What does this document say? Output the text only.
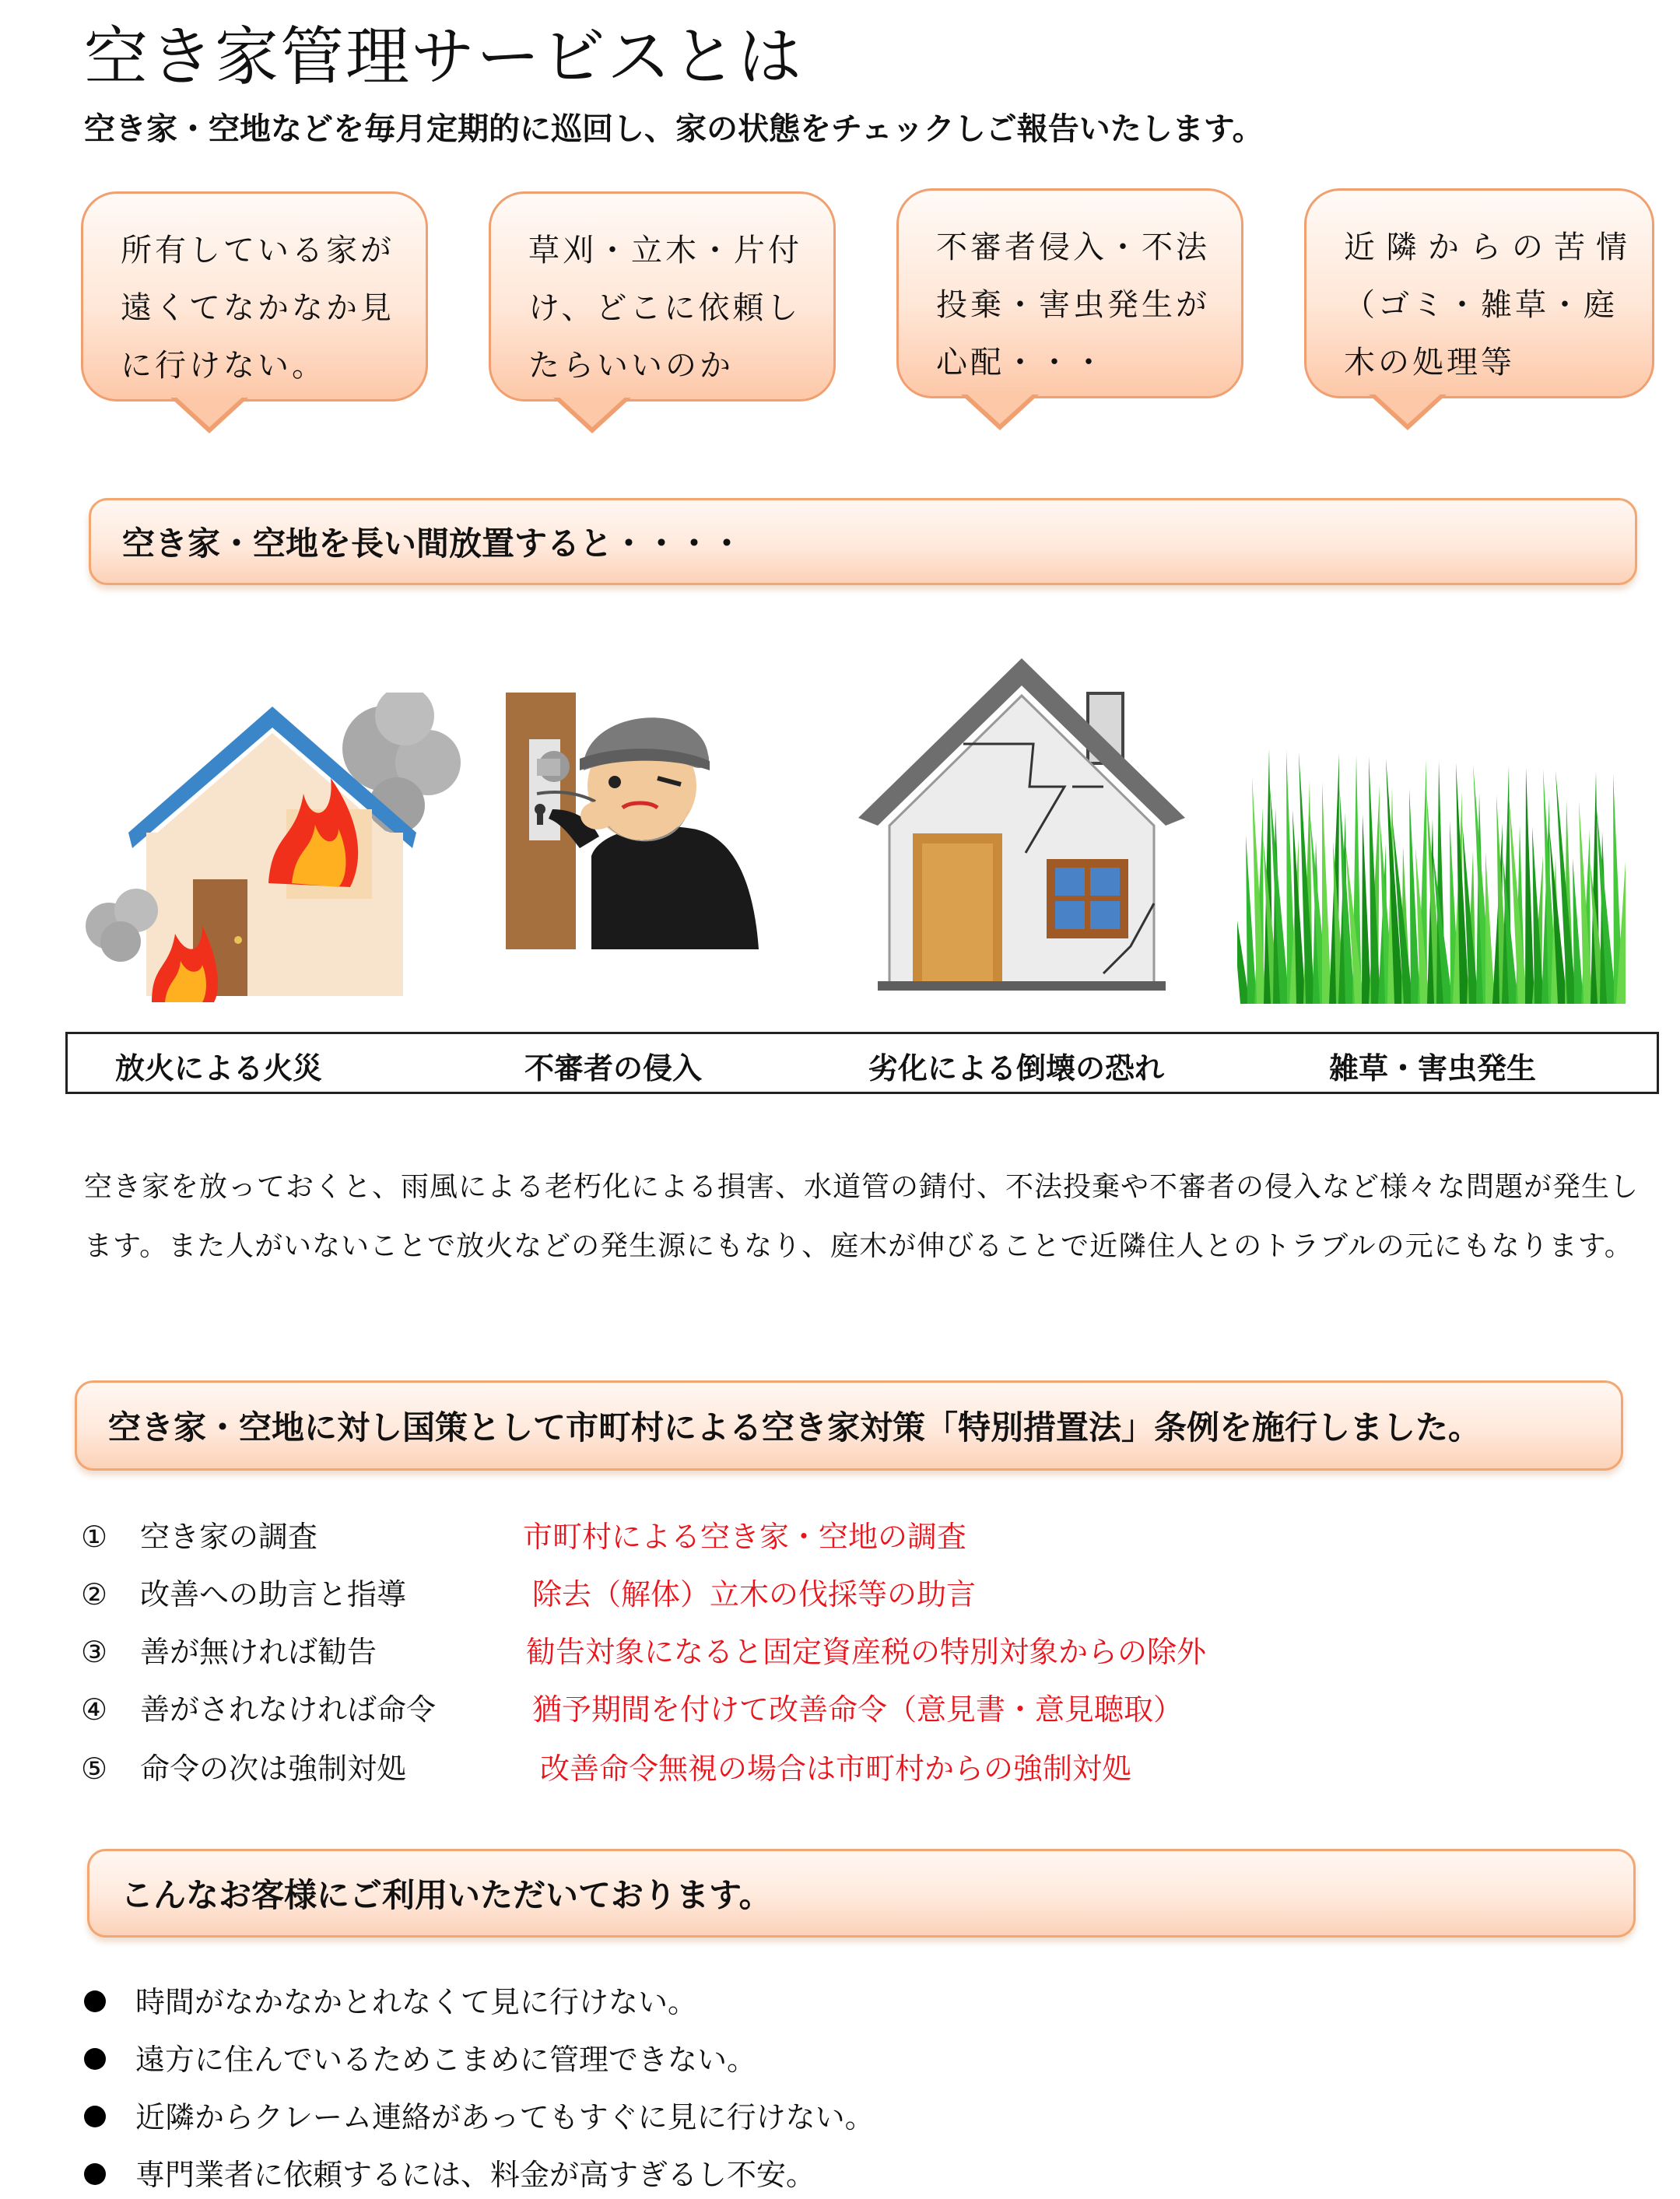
空き家管理サービスとは
空き家・空地などを毎月定期的に巡回し、家の状態をチェックしご報告いたします。
所有している家が
遠くてなかなか見
に行けない。
草刈・立木・片付
け、どこに依頼し
たらいいのか
不審者侵入・不法
投棄・害虫発生が
心配・・・
近隣からの苦情
（ゴミ・雑草・庭
木の処理等
空き家・空地を長い間放置すると・・・・
放火による火災	不審者の侵入	劣化による倒壊の恐れ	雑草・害虫発生
空き家を放っておくと、雨風による老朽化による損害、水道管の錆付、不法投棄や不審者の侵入など様々な問題が発生します。また人がいないことで放火などの発生源にもなり、庭木が伸びることで近隣住人とのトラブルの元にもなります。
空き家・空地に対し国策として市町村による空き家対策「特別措置法」条例を施行しました。
① 空き家の調査	市町村による空き家・空地の調査
② 改善への助言と指導	除去（解体）立木の伐採等の助言
③ 善が無ければ勧告	勧告対象になると固定資産税の特別対象からの除外
④ 善がされなければ命令	猶予期間を付けて改善命令（意見書・意見聴取）
⑤ 命令の次は強制対処	改善命令無視の場合は市町村からの強制対処
こんなお客様にご利用いただいております。
時間がなかなかとれなくて見に行けない。
遠方に住んでいるためこまめに管理できない。
近隣からクレーム連絡があってもすぐに見に行けない。
専門業者に依頼するには、料金が高すぎるし不安。
